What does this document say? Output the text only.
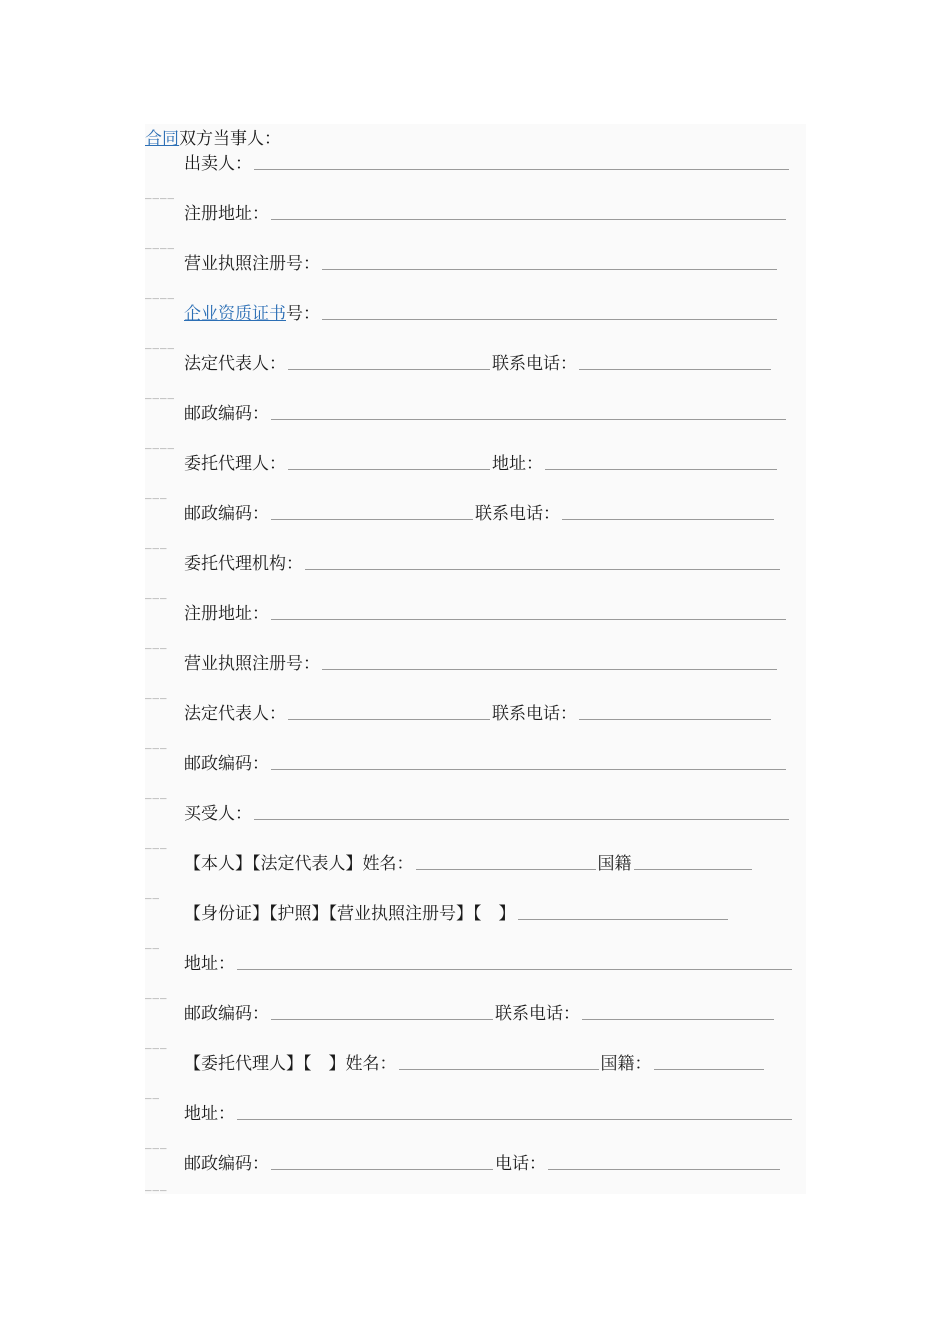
合同双方当事人：
出卖人：
____
注册地址：
____
营业执照注册号：
____
企业资质证书号：
____
法定代表人：	联系电话：
____
邮政编码：
____
委托代理人：	地址：
___
邮政编码：	联系电话：
___
委托代理机构：
___
注册地址：
___
营业执照注册号：
___
法定代表人：	联系电话：
___
邮政编码：
___
买受人：
___
【本人】【法定代表人】姓名：	国籍
__
【身份证】【护照】【营业执照注册号】【　】
__
地址：
___
邮政编码：	联系电话：
___
【委托代理人】【　】姓名：	国籍：
__
地址：
___
邮政编码：	电话：
___
